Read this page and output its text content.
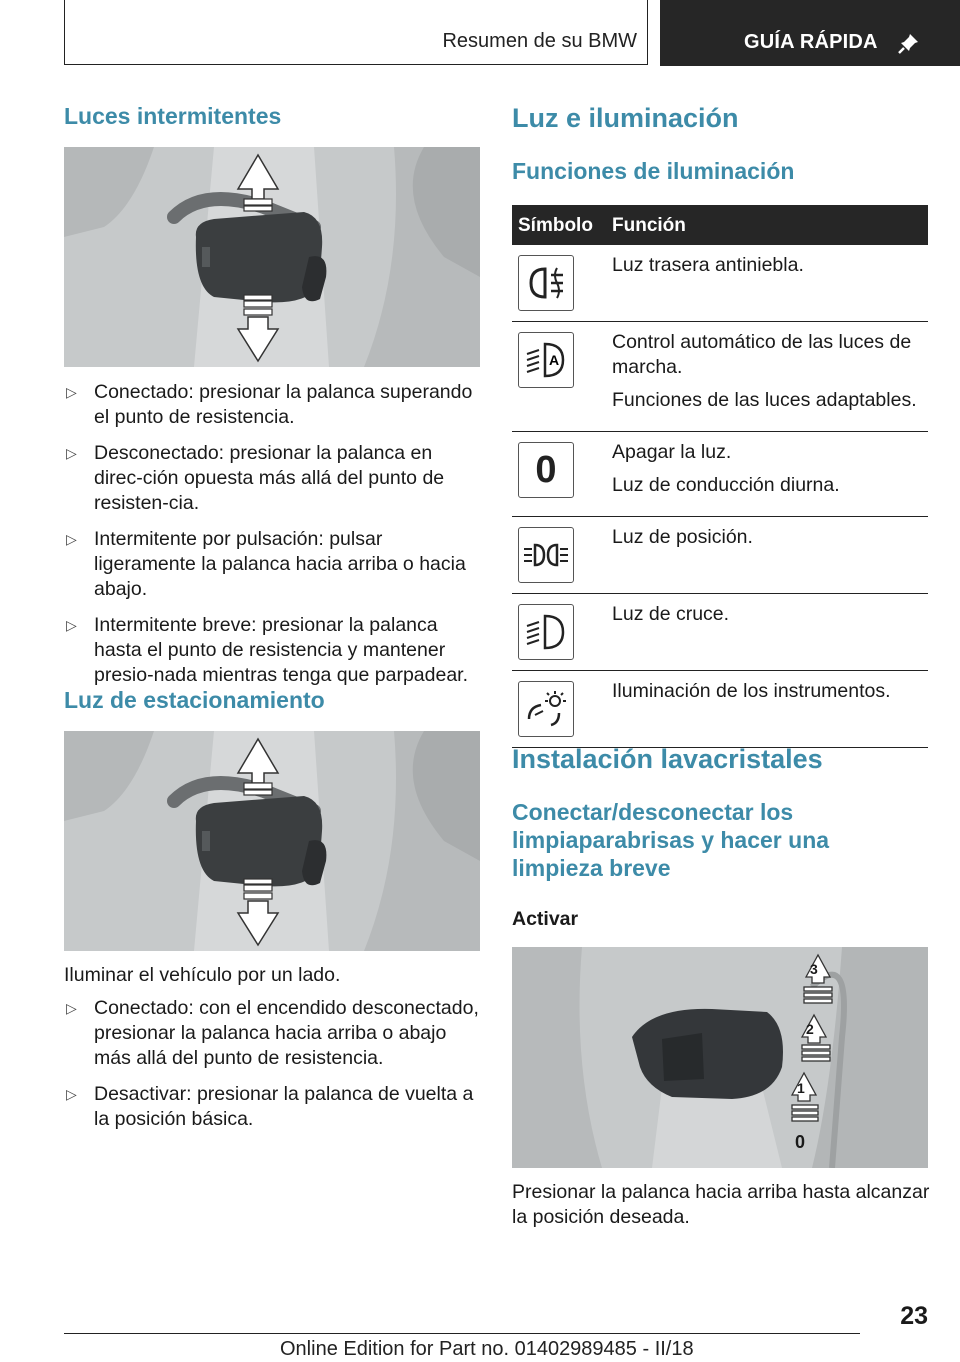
Resumen de su BMW	GUÍA RÁPIDA
Luces intermitentes
▷ Conectado: presionar la palanca superando el punto de resistencia.
▷ Desconectado: presionar la palanca en direc-ción opuesta más allá del punto de resisten-cia.
▷ Intermitente por pulsación: pulsar ligeramente la palanca hacia arriba o hacia abajo.
▷ Intermitente breve: presionar la palanca hasta el punto de resistencia y mantener presio-nada mientras tenga que parpadear.
Luz de estacionamiento

Iluminar el vehículo por un lado.

▷ Conectado: con el encendido desconectado, presionar la palanca hacia arriba o abajo más allá del punto de resistencia.
▷ Desactivar: presionar la palanca de vuelta a la posición básica.
Luz e iluminación
Funciones de iluminación
Símbolo	Función

Luz trasera antiniebla.

A	Control automático de las luces de marcha.
Funciones de las luces adaptables.

0	Apagar la luz.
Luz de conducción diurna.

Luz de posición.

Luz de cruce.

Iluminación de los instrumentos.
Instalación lavacristales
Conectar/desconectar los limpiaparabrisas y hacer una limpieza breve

Activar

3
2
1
0

Presionar la palanca hacia arriba hasta alcanzar la posición deseada.

23
Online Edition for Part no. 01402989485 - II/18
